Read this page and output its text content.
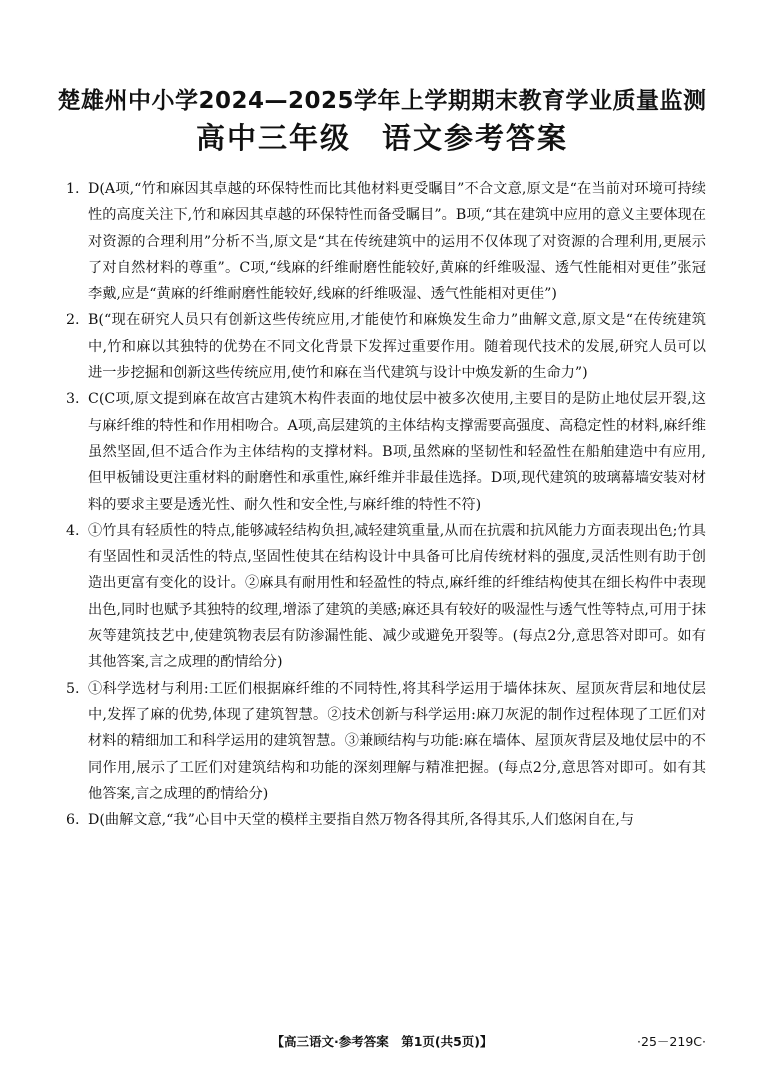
楚雄州中小学2024—2025学年上学期期末教育学业质量监测
高中三年级　语文参考答案
1. D(A项,“竹和麻因其卓越的环保特性而比其他材料更受瞩目”不合文意,原文是“在当前对环境可持续性的高度关注下,竹和麻因其卓越的环保特性而备受瞩目”。B项,“其在建筑中应用的意义主要体现在对资源的合理利用”分析不当,原文是“其在传统建筑中的运用不仅体现了对资源的合理利用,更展示了对自然材料的尊重”。C项,“线麻的纤维耐磨性能较好,黄麻的纤维吸湿、透气性能相对更佳”张冠李戴,应是“黄麻的纤维耐磨性能较好,线麻的纤维吸湿、透气性能相对更佳”)
2. B(“现在研究人员只有创新这些传统应用,才能使竹和麻焕发生命力”曲解文意,原文是“在传统建筑中,竹和麻以其独特的优势在不同文化背景下发挥过重要作用。随着现代技术的发展,研究人员可以进一步挖掘和创新这些传统应用,使竹和麻在当代建筑与设计中焕发新的生命力”)
3. C(C项,原文提到麻在故宫古建筑木构件表面的地仗层中被多次使用,主要目的是防止地仗层开裂,这与麻纤维的特性和作用相吻合。A项,高层建筑的主体结构支撑需要高强度、高稳定性的材料,麻纤维虽然坚固,但不适合作为主体结构的支撑材料。B项,虽然麻的坚韧性和轻盈性在船舶建造中有应用,但甲板铺设更注重材料的耐磨性和承重性,麻纤维并非最佳选择。D项,现代建筑的玻璃幕墙安装对材料的要求主要是透光性、耐久性和安全性,与麻纤维的特性不符)
4. ①竹具有轻质性的特点,能够减轻结构负担,减轻建筑重量,从而在抗震和抗风能力方面表现出色;竹具有坚固性和灵活性的特点,坚固性使其在结构设计中具备可比肩传统材料的强度,灵活性则有助于创造出更富有变化的设计。②麻具有耐用性和轻盈性的特点,麻纤维的纤维结构使其在细长构件中表现出色,同时也赋予其独特的纹理,增添了建筑的美感;麻还具有较好的吸湿性与透气性等特点,可用于抹灰等建筑技艺中,使建筑物表层有防渗漏性能、减少或避免开裂等。(每点2分,意思答对即可。如有其他答案,言之成理的酌情给分)
5. ①科学选材与利用:工匠们根据麻纤维的不同特性,将其科学运用于墙体抹灰、屋顶灰背层和地仗层中,发挥了麻的优势,体现了建筑智慧。②技术创新与科学运用:麻刀灰泥的制作过程体现了工匠们对材料的精细加工和科学运用的建筑智慧。③兼顾结构与功能:麻在墙体、屋顶灰背层及地仗层中的不同作用,展示了工匠们对建筑结构和功能的深刻理解与精准把握。(每点2分,意思答对即可。如有其他答案,言之成理的酌情给分)
6. D(曲解文意,“我”心目中天堂的模样主要指自然万物各得其所,各得其乐,人们悠闲自在,与
【高三语文·参考答案　第1页(共5页)】	·25－219C·
